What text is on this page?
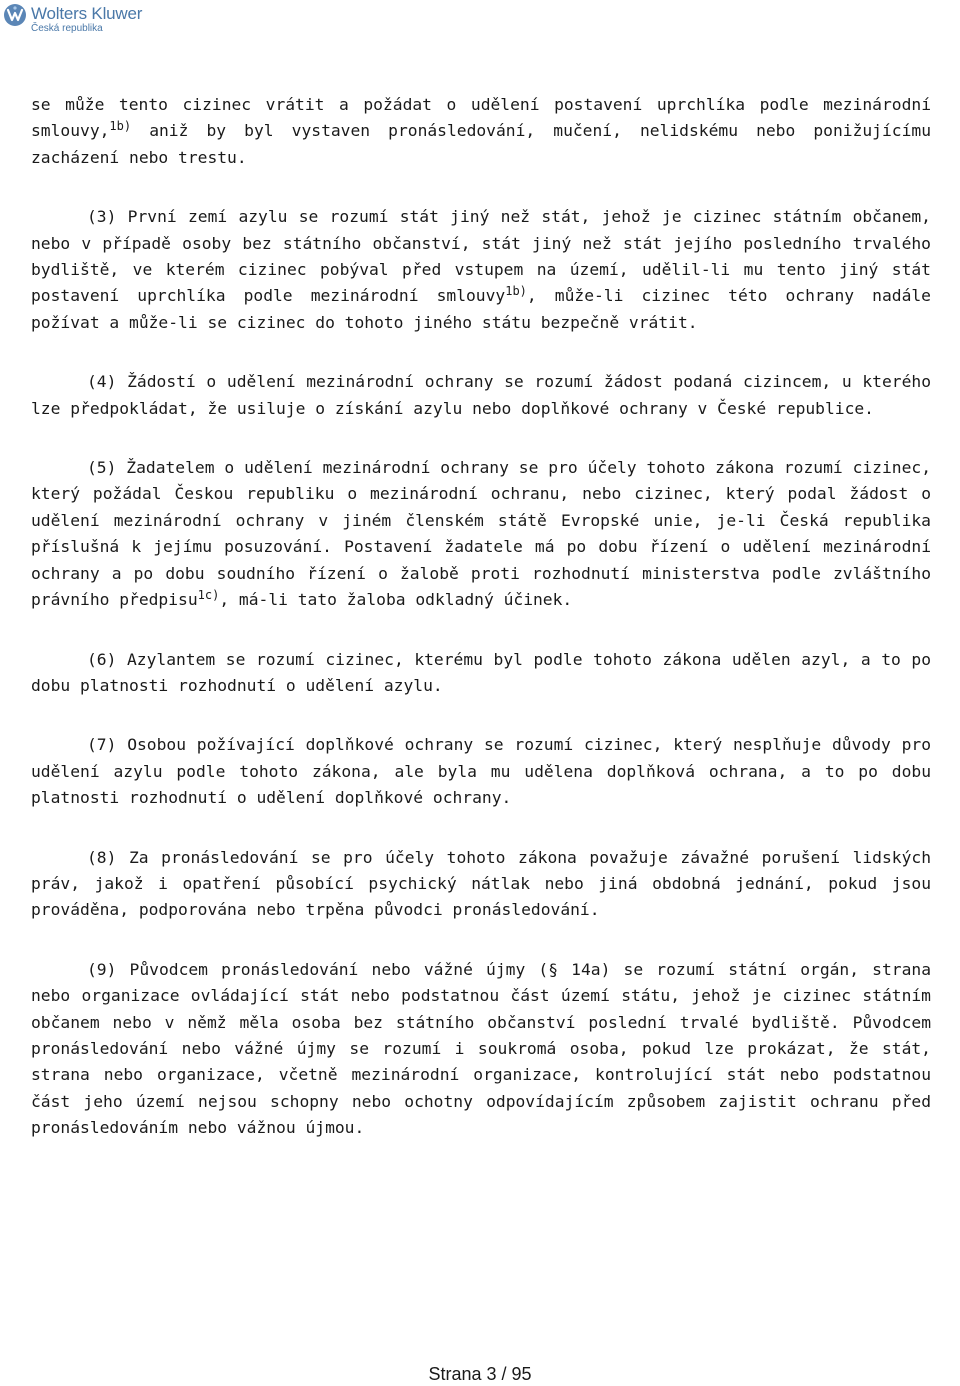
Wolters Kluwer
Česká republika

se může tento cizinec vrátit a požádat o udělení postavení uprchlíka podle mezinárodní smlouvy,$^{1b)}$ aniž by byl vystaven pronásledování, mučení, nelidskému nebo ponižujícímu zacházení nebo trestu.

(3) První zemí azylu se rozumí stát jiný než stát, jehož je cizinec státním občanem, nebo v případě osoby bez státního občanství, stát jiný než stát jejího posledního trvalého bydliště, ve kterém cizinec pobýval před vstupem na území, udělil-li mu tento jiný stát postavení uprchlíka podle mezinárodní smlouvy$^{1b)}$, může-li cizinec této ochrany nadále požívat a může-li se cizinec do tohoto jiného státu bezpečně vrátit.

(4) Žádostí o udělení mezinárodní ochrany se rozumí žádost podaná cizincem, u kterého lze předpokládat, že usiluje o získání azylu nebo doplňkové ochrany v České republice.

(5) Žadatelem o udělení mezinárodní ochrany se pro účely tohoto zákona rozumí cizinec, který požádal Českou republiku o mezinárodní ochranu, nebo cizinec, který podal žádost o udělení mezinárodní ochrany v jiném členském státě Evropské unie, je-li Česká republika příslušná k jejímu posuzování. Postavení žadatele má po dobu řízení o udělení mezinárodní ochrany a po dobu soudního řízení o žalobě proti rozhodnutí ministerstva podle zvláštního právního předpisu$^{1c)}$, má-li tato žaloba odkladný účinek.

(6) Azylantem se rozumí cizinec, kterému byl podle tohoto zákona udělen azyl, a to po dobu platnosti rozhodnutí o udělení azylu.

(7) Osobou požívající doplňkové ochrany se rozumí cizinec, který nesplňuje důvody pro udělení azylu podle tohoto zákona, ale byla mu udělena doplňková ochrana, a to po dobu platnosti rozhodnutí o udělení doplňkové ochrany.

(8) Za pronásledování se pro účely tohoto zákona považuje závažné porušení lidských práv, jakož i opatření působící psychický nátlak nebo jiná obdobná jednání, pokud jsou prováděna, podporována nebo trpěna původci pronásledování.

(9) Původcem pronásledování nebo vážné újmy (§ 14a) se rozumí státní orgán, strana nebo organizace ovládající stát nebo podstatnou část území státu, jehož je cizinec státním občanem nebo v němž měla osoba bez státního občanství poslední trvalé bydliště. Původcem pronásledování nebo vážné újmy se rozumí i soukromá osoba, pokud lze prokázat, že stát, strana nebo organizace, včetně mezinárodní organizace, kontrolující stát nebo podstatnou část jeho území nejsou schopny nebo ochotny odpovídajícím způsobem zajistit ochranu před pronásledováním nebo vážnou újmou.

Strana 3 / 95
